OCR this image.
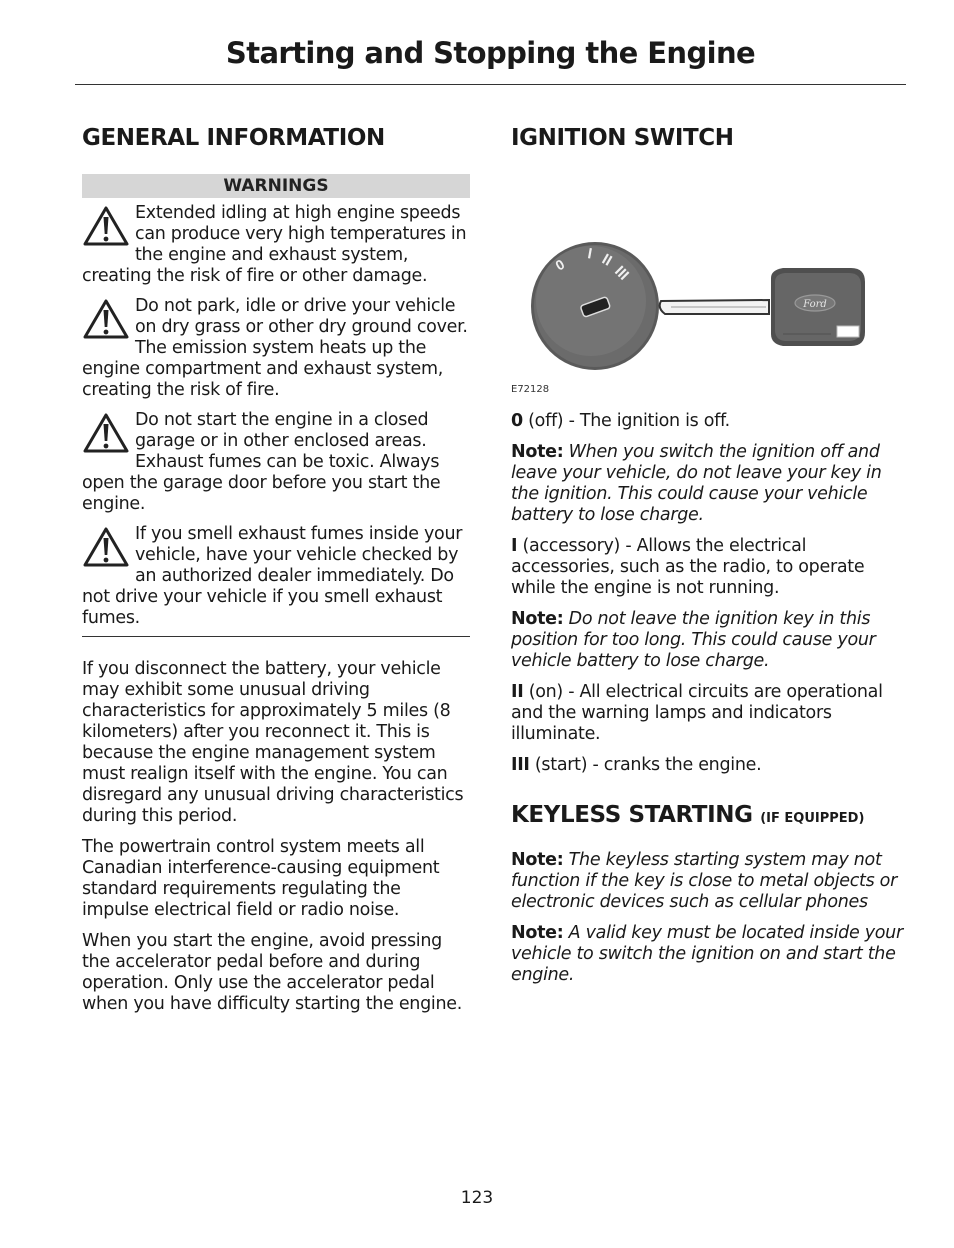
Starting and Stopping the Engine
GENERAL INFORMATION
WARNINGS
Extended idling at high engine speeds can produce very high temperatures in the engine and exhaust system, creating the risk of fire or other damage.
Do not park, idle or drive your vehicle on dry grass or other dry ground cover. The emission system heats up the engine compartment and exhaust system, creating the risk of fire.
Do not start the engine in a closed garage or in other enclosed areas. Exhaust fumes can be toxic. Always open the garage door before you start the engine.
If you smell exhaust fumes inside your vehicle, have your vehicle checked by an authorized dealer immediately. Do not drive your vehicle if you smell exhaust fumes.

If you disconnect the battery, your vehicle may exhibit some unusual driving characteristics for approximately 5 miles (8 kilometers) after you reconnect it. This is because the engine management system must realign itself with the engine. You can disregard any unusual driving characteristics during this period.

The powertrain control system meets all Canadian interference-causing equipment standard requirements regulating the impulse electrical field or radio noise.

When you start the engine, avoid pressing the accelerator pedal before and during operation. Only use the accelerator pedal when you have difficulty starting the engine.

IGNITION SWITCH
0
I II
III
Ford
E72128

0 (off) - The ignition is off.

Note: When you switch the ignition off and leave your vehicle, do not leave your key in the ignition. This could cause your vehicle battery to lose charge.

I (accessory) - Allows the electrical accessories, such as the radio, to operate while the engine is not running.

Note: Do not leave the ignition key in this position for too long. This could cause your vehicle battery to lose charge.

II (on) - All electrical circuits are operational and the warning lamps and indicators illuminate.

III (start) - cranks the engine.

KEYLESS STARTING (IF EQUIPPED)

Note: The keyless starting system may not function if the key is close to metal objects or electronic devices such as cellular phones

Note: A valid key must be located inside your vehicle to switch the ignition on and start the engine.

123
